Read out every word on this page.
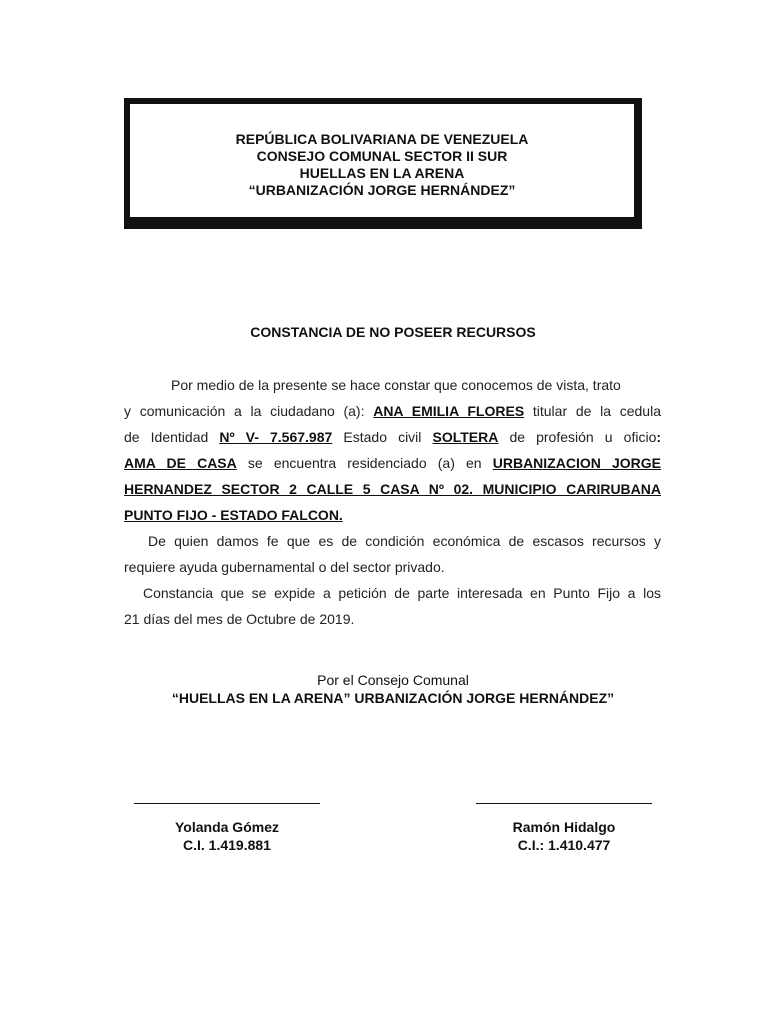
REPÚBLICA BOLIVARIANA DE VENEZUELA
CONSEJO COMUNAL SECTOR II SUR
HUELLAS EN LA ARENA
“URBANIZACIÓN JORGE HERNÁNDEZ”
CONSTANCIA DE NO POSEER RECURSOS
Por medio de la presente se hace constar que conocemos de vista, trato
y comunicación a la ciudadano (a): ANA EMILIA FLORES titular de la cedula
de Identidad Nº V- 7.567.987 Estado civil SOLTERA de profesión u oficio:
AMA DE CASA se encuentra residenciado (a) en URBANIZACION JORGE
HERNANDEZ SECTOR 2 CALLE 5 CASA Nº 02. MUNICIPIO CARIRUBANA
PUNTO FIJO - ESTADO FALCON.
De quien damos fe que es de condición económica de escasos recursos y
requiere ayuda gubernamental o del sector privado.
Constancia que se expide a petición de parte interesada en Punto Fijo a los
21 días del mes de Octubre de 2019.
Por el Consejo Comunal
“HUELLAS EN LA ARENA” URBANIZACIÓN JORGE HERNÁNDEZ”
Yolanda Gómez
C.I. 1.419.881
Ramón Hidalgo
C.I.: 1.410.477
